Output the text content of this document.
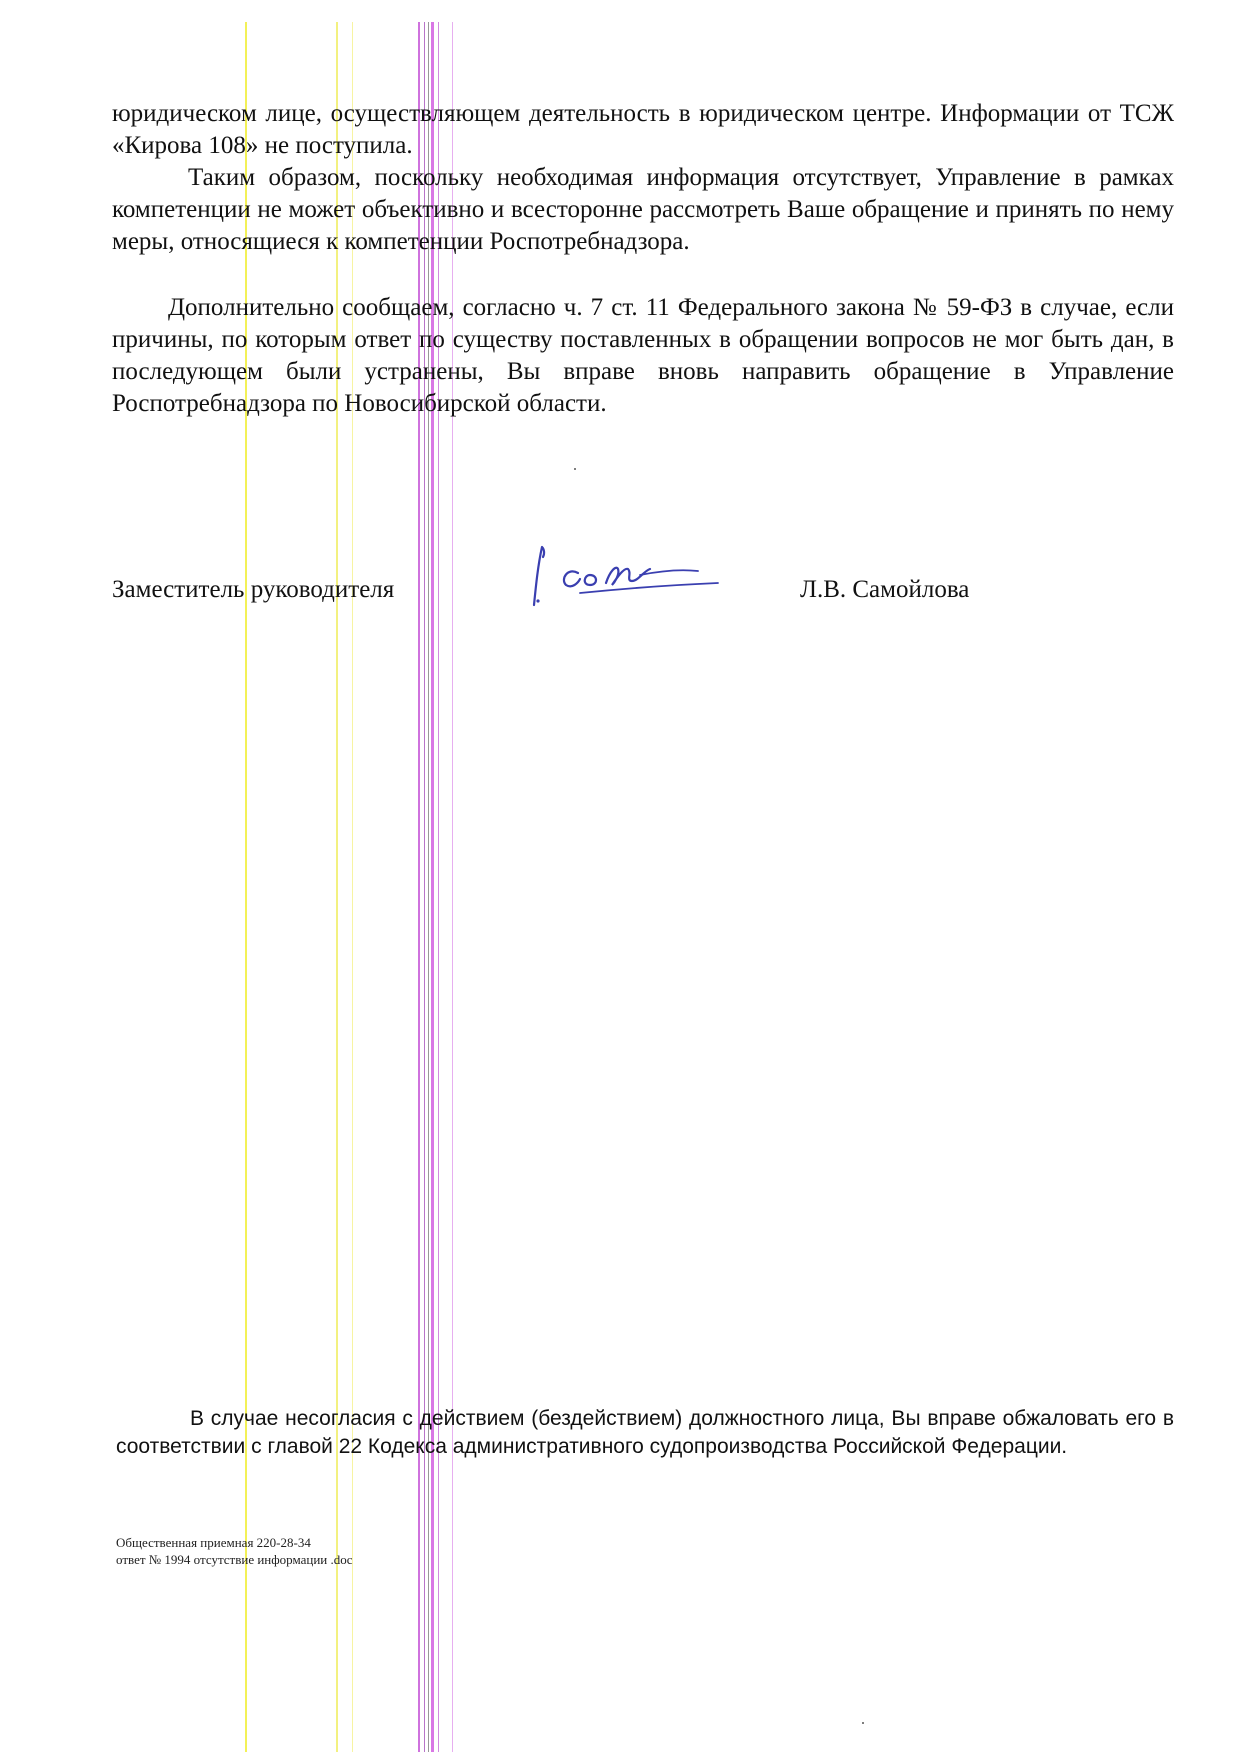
юридическом лице, осуществляющем деятельность в юридическом центре. Информации от ТСЖ «Кирова 108» не поступила.

Таким образом, поскольку необходимая информация отсутствует, Управление в рамках компетенции не может объективно и всесторонне рассмотреть Ваше обращение и принять по нему меры, относящиеся к компетенции Роспотребнадзора.

Дополнительно сообщаем, согласно ч. 7 ст. 11 Федерального закона № 59-ФЗ в случае, если причины, по которым ответ по существу поставленных в обращении вопросов не мог быть дан, в последующем были устранены, Вы вправе вновь направить обращение в Управление Роспотребнадзора по Новосибирской области.

Заместитель руководителя	Л.В. Самойлова

В случае несогласия с действием (бездействием) должностного лица, Вы вправе обжаловать его в соответствии с главой 22 Кодекса административного судопроизводства Российской Федерации.

Общественная приемная 220-28-34
ответ № 1994 отсутствие информации .doc
